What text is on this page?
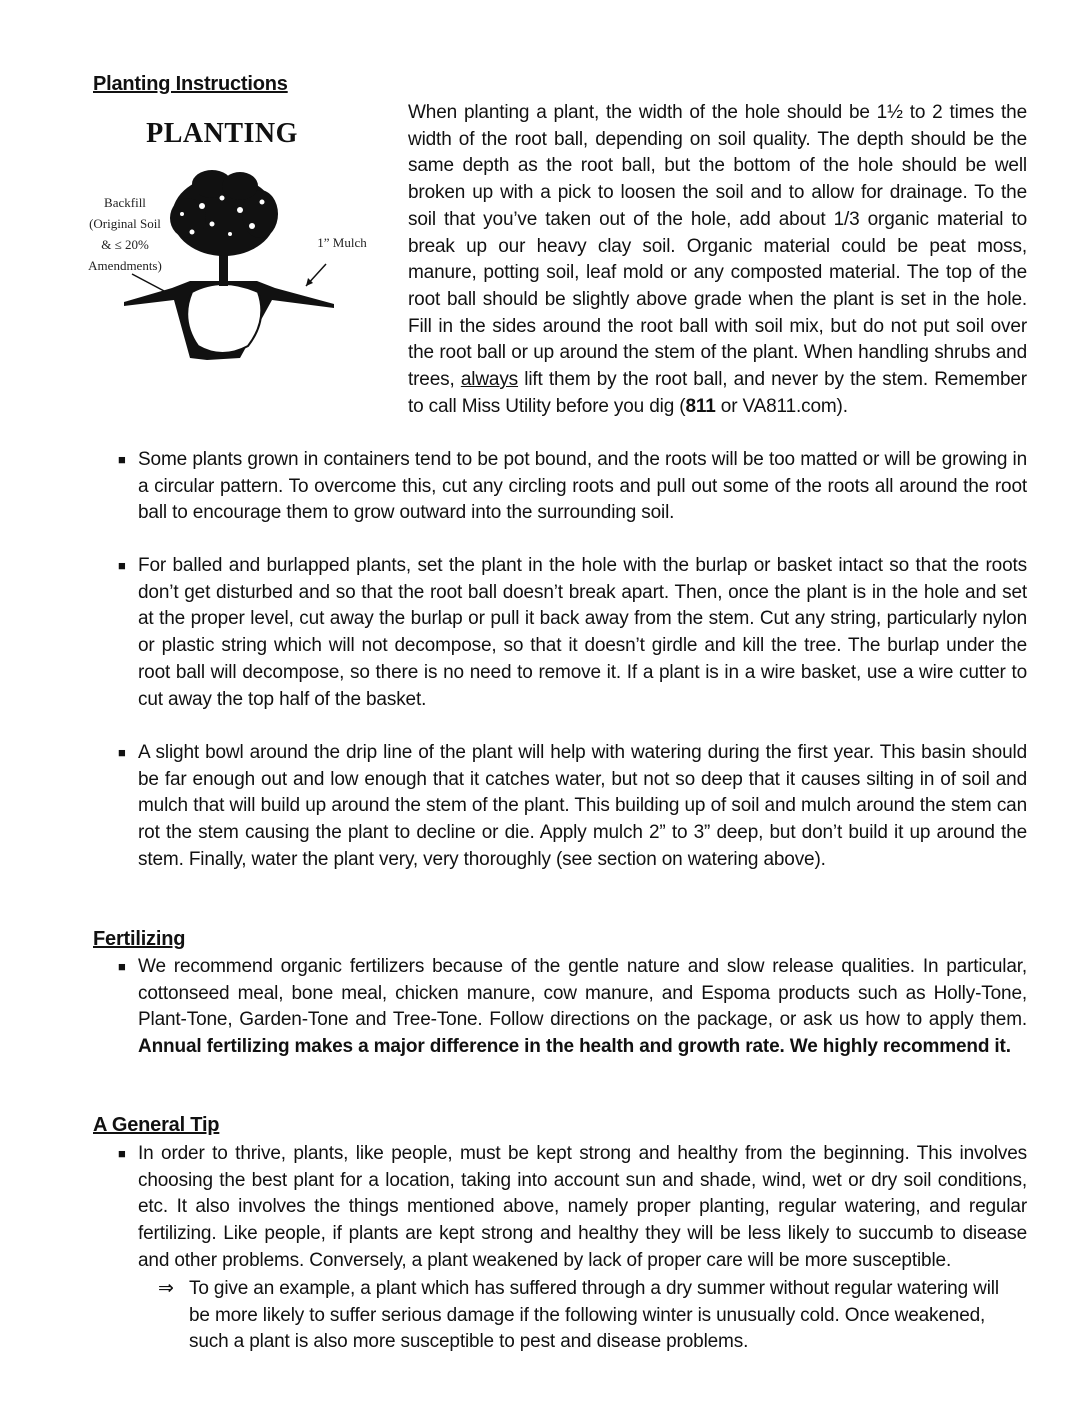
Planting Instructions
PLANTING
Backfill
(Original Soil
& ≤ 20%
Amendments)
1” Mulch

When planting a plant, the width of the hole should be 1½ to 2 times the width of the root ball, depending on soil quality. The depth should be the same depth as the root ball, but the bottom of the hole should be well broken up with a pick to loosen the soil and to allow for drainage. To the soil that you’ve taken out of the hole, add about 1/3 organic material to break up our heavy clay soil. Organic material could be peat moss, manure, potting soil, leaf mold or any composted material. The top of the root ball should be slightly above grade when the plant is set in the hole. Fill in the sides around the root ball with soil mix, but do not put soil over the root ball or up around the stem of the plant. When handling shrubs and trees, always lift them by the root ball, and never by the stem. Remember to call Miss Utility before you dig (811 or VA811.com).

■ Some plants grown in containers tend to be pot bound, and the roots will be too matted or will be growing in a circular pattern. To overcome this, cut any circling roots and pull out some of the roots all around the root ball to encourage them to grow outward into the surrounding soil.

■ For balled and burlapped plants, set the plant in the hole with the burlap or basket intact so that the roots don’t get disturbed and so that the root ball doesn’t break apart. Then, once the plant is in the hole and set at the proper level, cut away the burlap or pull it back away from the stem. Cut any string, particularly nylon or plastic string which will not decompose, so that it doesn’t girdle and kill the tree. The burlap under the root ball will decompose, so there is no need to remove it. If a plant is in a wire basket, use a wire cutter to cut away the top half of the basket.

■ A slight bowl around the drip line of the plant will help with watering during the first year. This basin should be far enough out and low enough that it catches water, but not so deep that it causes silting in of soil and mulch that will build up around the stem of the plant. This building up of soil and mulch around the stem can rot the stem causing the plant to decline or die. Apply mulch 2” to 3” deep, but don’t build it up around the stem. Finally, water the plant very, very thoroughly (see section on watering above).

Fertilizing
■ We recommend organic fertilizers because of the gentle nature and slow release qualities. In particular, cottonseed meal, bone meal, chicken manure, cow manure, and Espoma products such as Holly-Tone, Plant-Tone, Garden-Tone and Tree-Tone. Follow directions on the package, or ask us how to apply them. Annual fertilizing makes a major difference in the health and growth rate. We highly recommend it.

A General Tip
■ In order to thrive, plants, like people, must be kept strong and healthy from the beginning. This involves choosing the best plant for a location, taking into account sun and shade, wind, wet or dry soil conditions, etc. It also involves the things mentioned above, namely proper planting, regular watering, and regular fertilizing. Like people, if plants are kept strong and healthy they will be less likely to succumb to disease and other problems. Conversely, a plant weakened by lack of proper care will be more susceptible.

⇒ To give an example, a plant which has suffered through a dry summer without regular watering will be more likely to suffer serious damage if the following winter is unusually cold. Once weakened, such a plant is also more susceptible to pest and disease problems.
